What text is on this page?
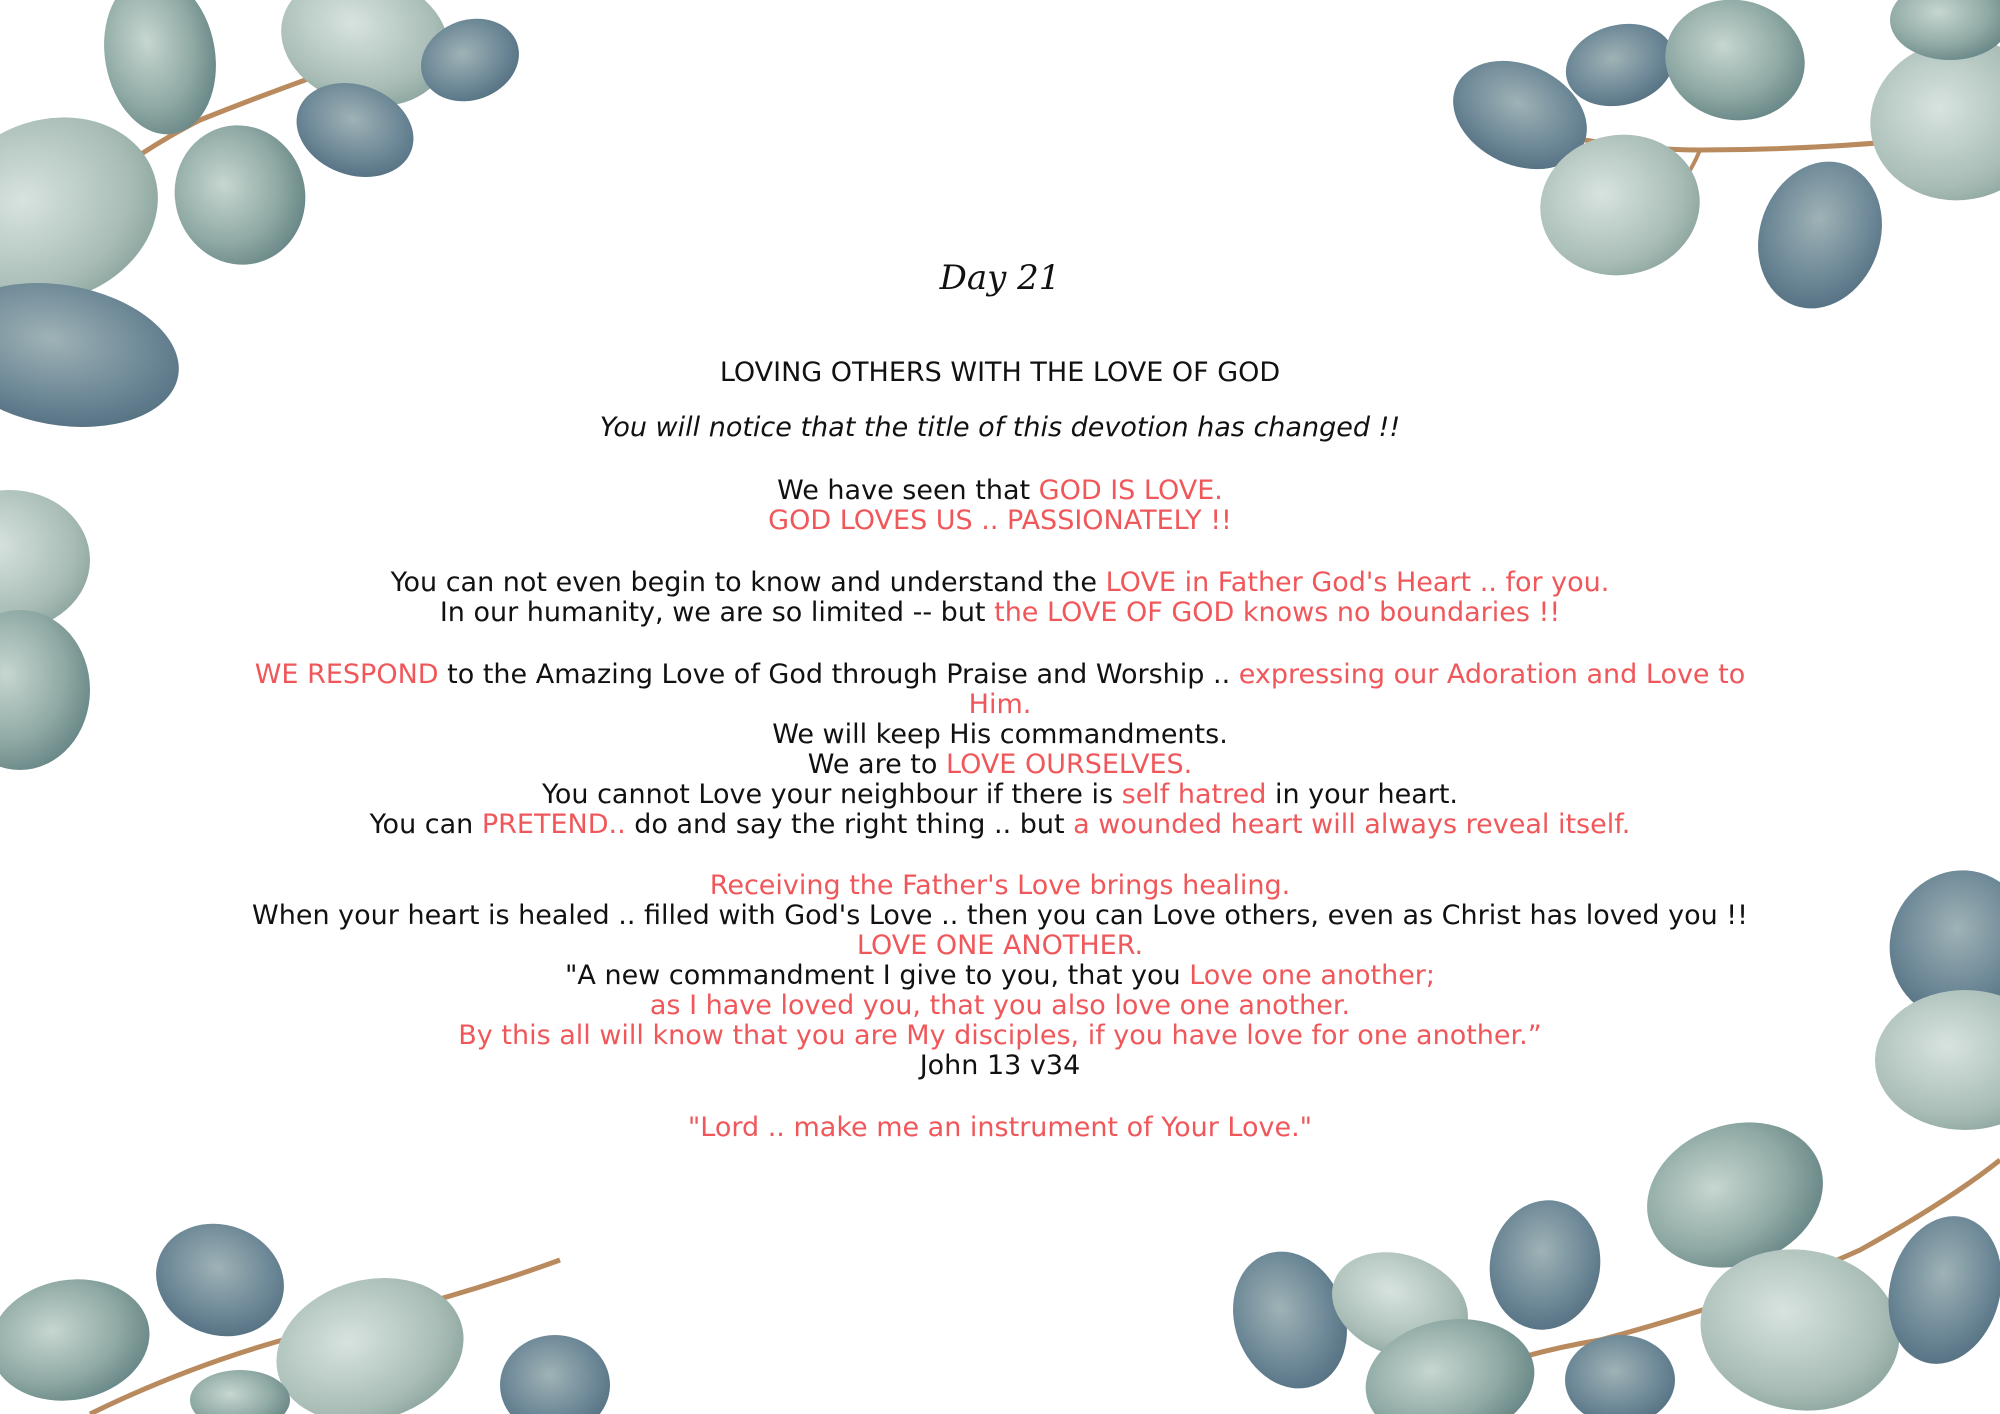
Day 21
LOVING OTHERS WITH THE LOVE OF GOD
You will notice that the title of this devotion has changed !!
We have seen that GOD IS LOVE.
GOD LOVES US .. PASSIONATELY !!
You can not even begin to know and understand the LOVE in Father God's Heart .. for you.
In our humanity, we are so limited -- but the LOVE OF GOD knows no boundaries !!
WE RESPOND to the Amazing Love of God through Praise and Worship .. expressing our Adoration and Love to
Him.
We will keep His commandments.
We are to LOVE OURSELVES.
You cannot Love your neighbour if there is self hatred in your heart.
You can PRETEND.. do and say the right thing .. but a wounded heart will always reveal itself.
Receiving the Father's Love brings healing.
When your heart is healed .. filled with God's Love .. then you can Love others, even as Christ has loved you !!
LOVE ONE ANOTHER.
"A new commandment I give to you, that you Love one another;
as I have loved you, that you also love one another.
By this all will know that you are My disciples, if you have love for one another.”
John 13 v34
"Lord .. make me an instrument of Your Love."
